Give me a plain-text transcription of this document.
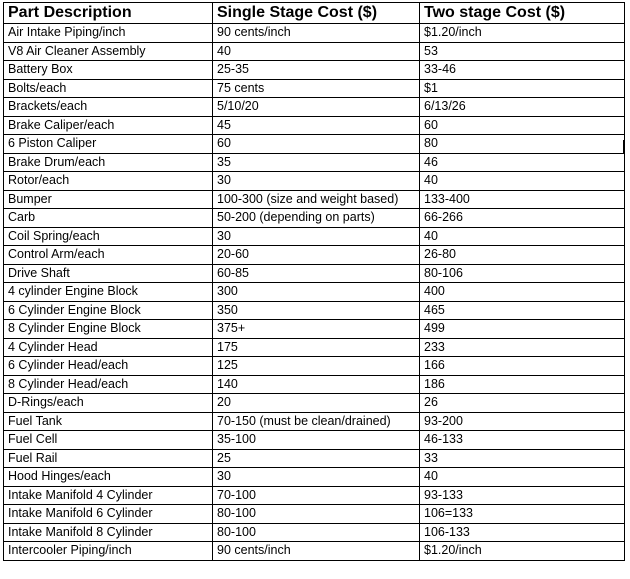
Part Description	Single Stage Cost ($)	Two stage Cost ($)
Air Intake Piping/inch	90 cents/inch	$1.20/inch
V8 Air Cleaner Assembly	40	53
Battery Box	25-35	33-46
Bolts/each	75 cents	$1
Brackets/each	5/10/20	6/13/26
Brake Caliper/each	45	60
6 Piston Caliper	60	80
Brake Drum/each	35	46
Rotor/each	30	40
Bumper	100-300 (size and weight based)	133-400
Carb	50-200 (depending on parts)	66-266
Coil Spring/each	30	40
Control Arm/each	20-60	26-80
Drive Shaft	60-85	80-106
4 cylinder Engine Block	300	400
6 Cylinder Engine Block	350	465
8 Cylinder Engine Block	375+	499
4 Cylinder Head	175	233
6 Cylinder Head/each	125	166
8 Cylinder Head/each	140	186
D-Rings/each	20	26
Fuel Tank	70-150 (must be clean/drained)	93-200
Fuel Cell	35-100	46-133
Fuel Rail	25	33
Hood Hinges/each	30	40
Intake Manifold 4 Cylinder	70-100	93-133
Intake Manifold 6 Cylinder	80-100	106=133
Intake Manifold 8 Cylinder	80-100	106-133
Intercooler Piping/inch	90 cents/inch	$1.20/inch
